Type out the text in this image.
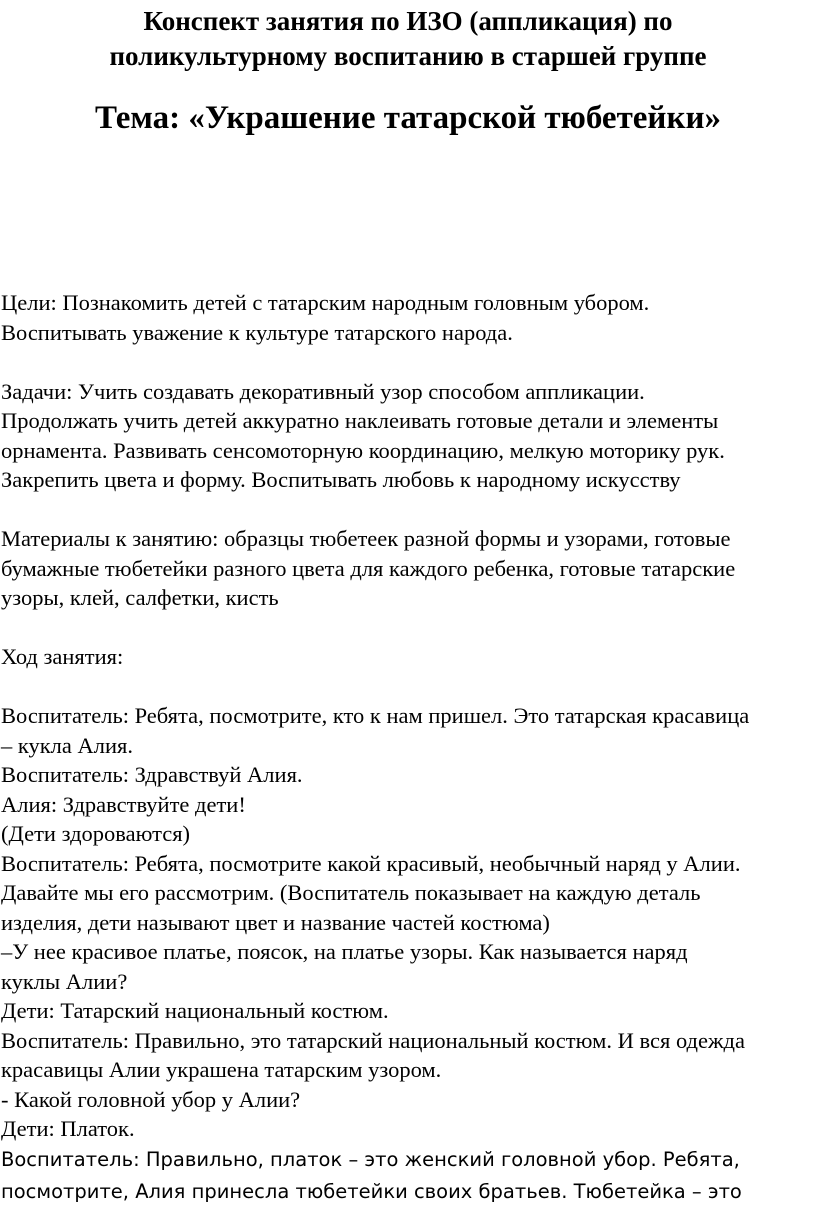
Конспект занятия по ИЗО (аппликация) по
поликультурному воспитанию в старшей группе
Тема: «Украшение татарской тюбетейки»

Цели: Познакомить детей с татарским народным головным убором.

Воспитывать уважение к культуре татарского народа.

Задачи: Учить создавать декоративный узор способом аппликации.

Продолжать учить детей аккуратно наклеивать готовые детали и элементы

орнамента. Развивать сенсомоторную координацию, мелкую моторику рук.

Закрепить цвета и форму. Воспитывать любовь к народному искусству

Материалы к занятию: образцы тюбетеек разной формы и узорами, готовые

бумажные тюбетейки разного цвета для каждого ребенка, готовые татарские

узоры, клей, салфетки, кисть

Ход занятия:

Воспитатель: Ребята, посмотрите, кто к нам пришел. Это татарская красавица

– кукла Алия.

Воспитатель: Здравствуй Алия.

Алия: Здравствуйте дети!

(Дети здороваются)

Воспитатель: Ребята, посмотрите какой красивый, необычный наряд у Алии.

Давайте мы его рассмотрим. (Воспитатель показывает на каждую деталь

изделия, дети называют цвет и название частей костюма)

–У нее красивое платье, поясок, на платье узоры. Как называется наряд

куклы Алии?

Дети: Татарский национальный костюм.

Воспитатель: Правильно, это татарский национальный костюм. И вся одежда

красавицы Алии украшена татарским узором.

- Какой головной убор у Алии?

Дети: Платок.

Воспитатель: Правильно, платок – это женский головной убор. Ребята,

посмотрите, Алия принесла тюбетейки своих братьев. Тюбетейка – это
